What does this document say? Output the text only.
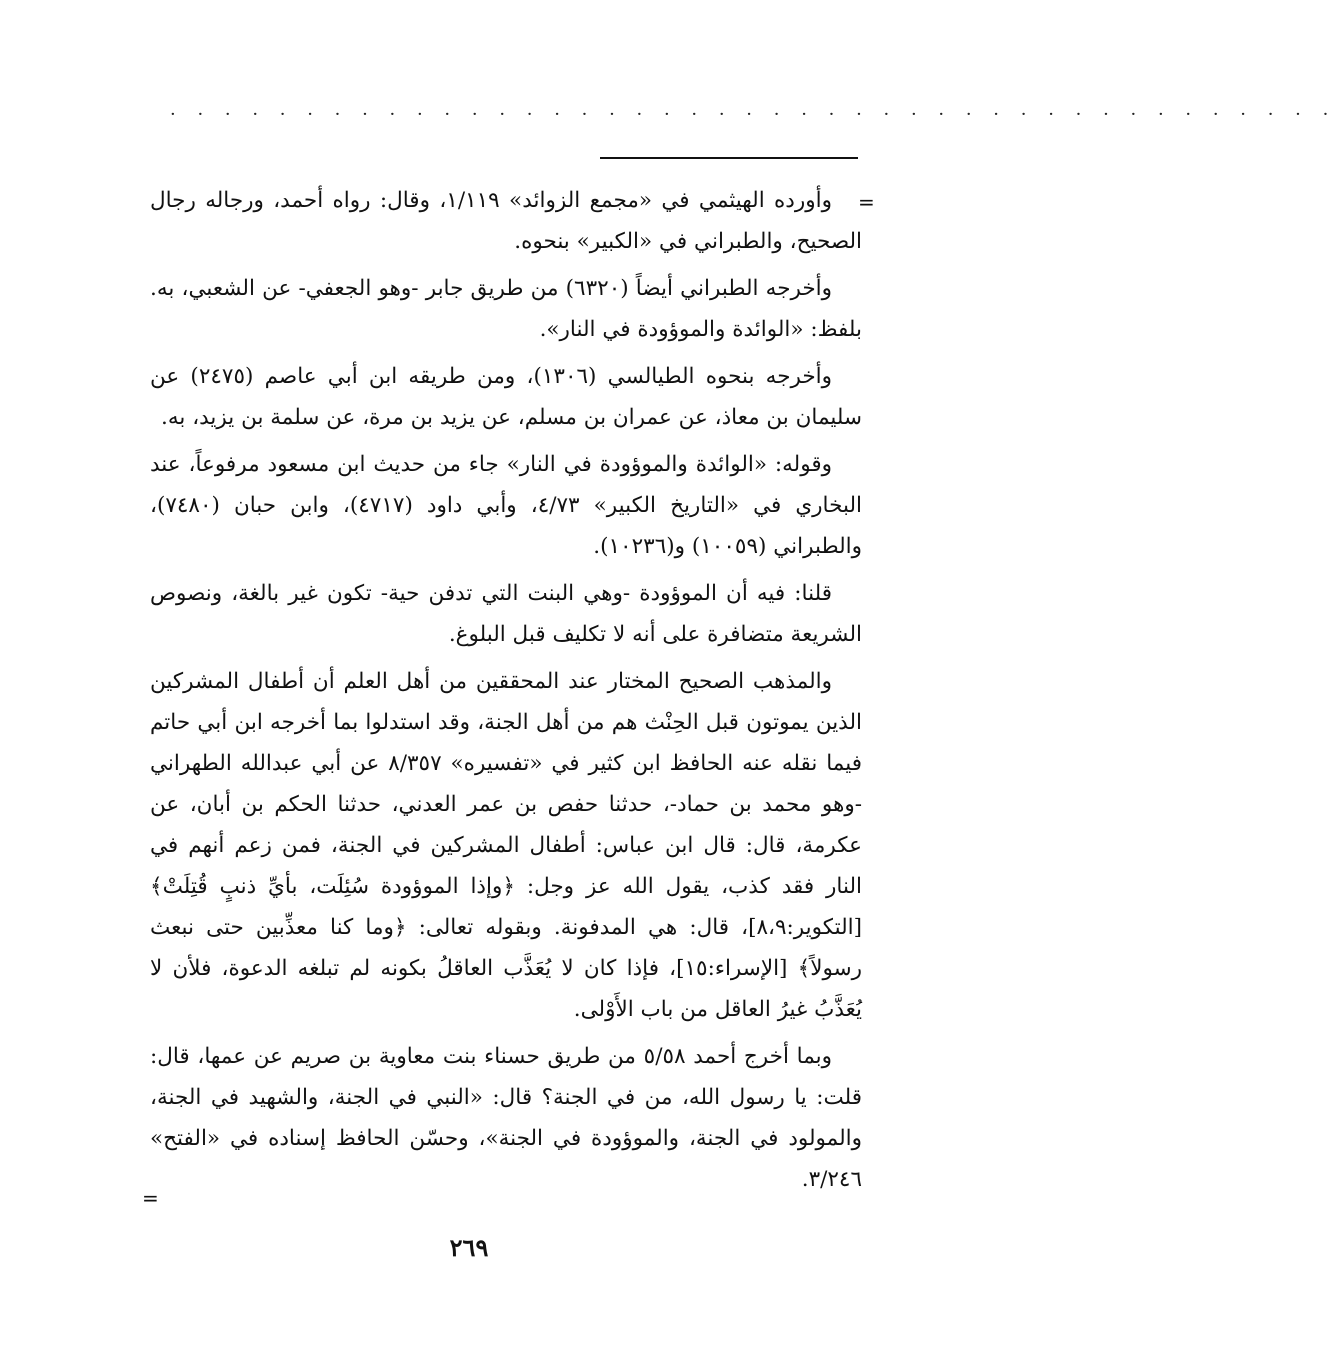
· · · · · · · · · · · · · · · · · · · · · · · · · · · · · · · · · · · · · · · · · · ·
=

وأورده الهيثمي في «مجمع الزوائد» ١/١١٩، وقال: رواه أحمد، ورجاله رجال الصحيح، والطبراني في «الكبير» بنحوه.

وأخرجه الطبراني أيضاً (٦٣٢٠) من طريق جابر -وهو الجعفي- عن الشعبي، به. بلفظ: «الوائدة والموؤودة في النار».

وأخرجه بنحوه الطيالسي (١٣٠٦)، ومن طريقه ابن أبي عاصم (٢٤٧٥) عن سليمان بن معاذ، عن عمران بن مسلم، عن يزيد بن مرة، عن سلمة بن يزيد، به.

وقوله: «الوائدة والموؤودة في النار» جاء من حديث ابن مسعود مرفوعاً، عند البخاري في «التاريخ الكبير» ٤/٧٣، وأبي داود (٤٧١٧)، وابن حبان (٧٤٨٠)، والطبراني (١٠٠٥٩) و(١٠٢٣٦).

قلنا: فيه أن الموؤودة -وهي البنت التي تدفن حية- تكون غير بالغة، ونصوص الشريعة متضافرة على أنه لا تكليف قبل البلوغ.

والمذهب الصحيح المختار عند المحققين من أهل العلم أن أطفال المشركين الذين يموتون قبل الحِنْث هم من أهل الجنة، وقد استدلوا بما أخرجه ابن أبي حاتم فيما نقله عنه الحافظ ابن كثير في «تفسيره» ٨/٣٥٧ عن أبي عبدالله الطهراني -وهو محمد بن حماد-، حدثنا حفص بن عمر العدني، حدثنا الحكم بن أبان، عن عكرمة، قال: قال ابن عباس: أطفال المشركين في الجنة، فمن زعم أنهم في النار فقد كذب، يقول الله عز وجل: ﴿وإذا الموؤودة سُئِلَت، بأيِّ ذنبٍ قُتِلَتْ﴾ [التكوير:٨،٩]، قال: هي المدفونة. وبقوله تعالى: ﴿وما كنا معذِّبين حتى نبعث رسولاً﴾ [الإسراء:١٥]، فإذا كان لا يُعَذَّب العاقلُ بكونه لم تبلغه الدعوة، فلأن لا يُعَذَّبُ غيرُ العاقل من باب الأَوْلى.

وبما أخرج أحمد ٥/٥٨ من طريق حسناء بنت معاوية بن صريم عن عمها، قال: قلت: يا رسول الله، من في الجنة؟ قال: «النبي في الجنة، والشهيد في الجنة، والمولود في الجنة، والموؤودة في الجنة»، وحسّن الحافظ إسناده في «الفتح» ٣/٢٤٦.

=
٢٦٩
